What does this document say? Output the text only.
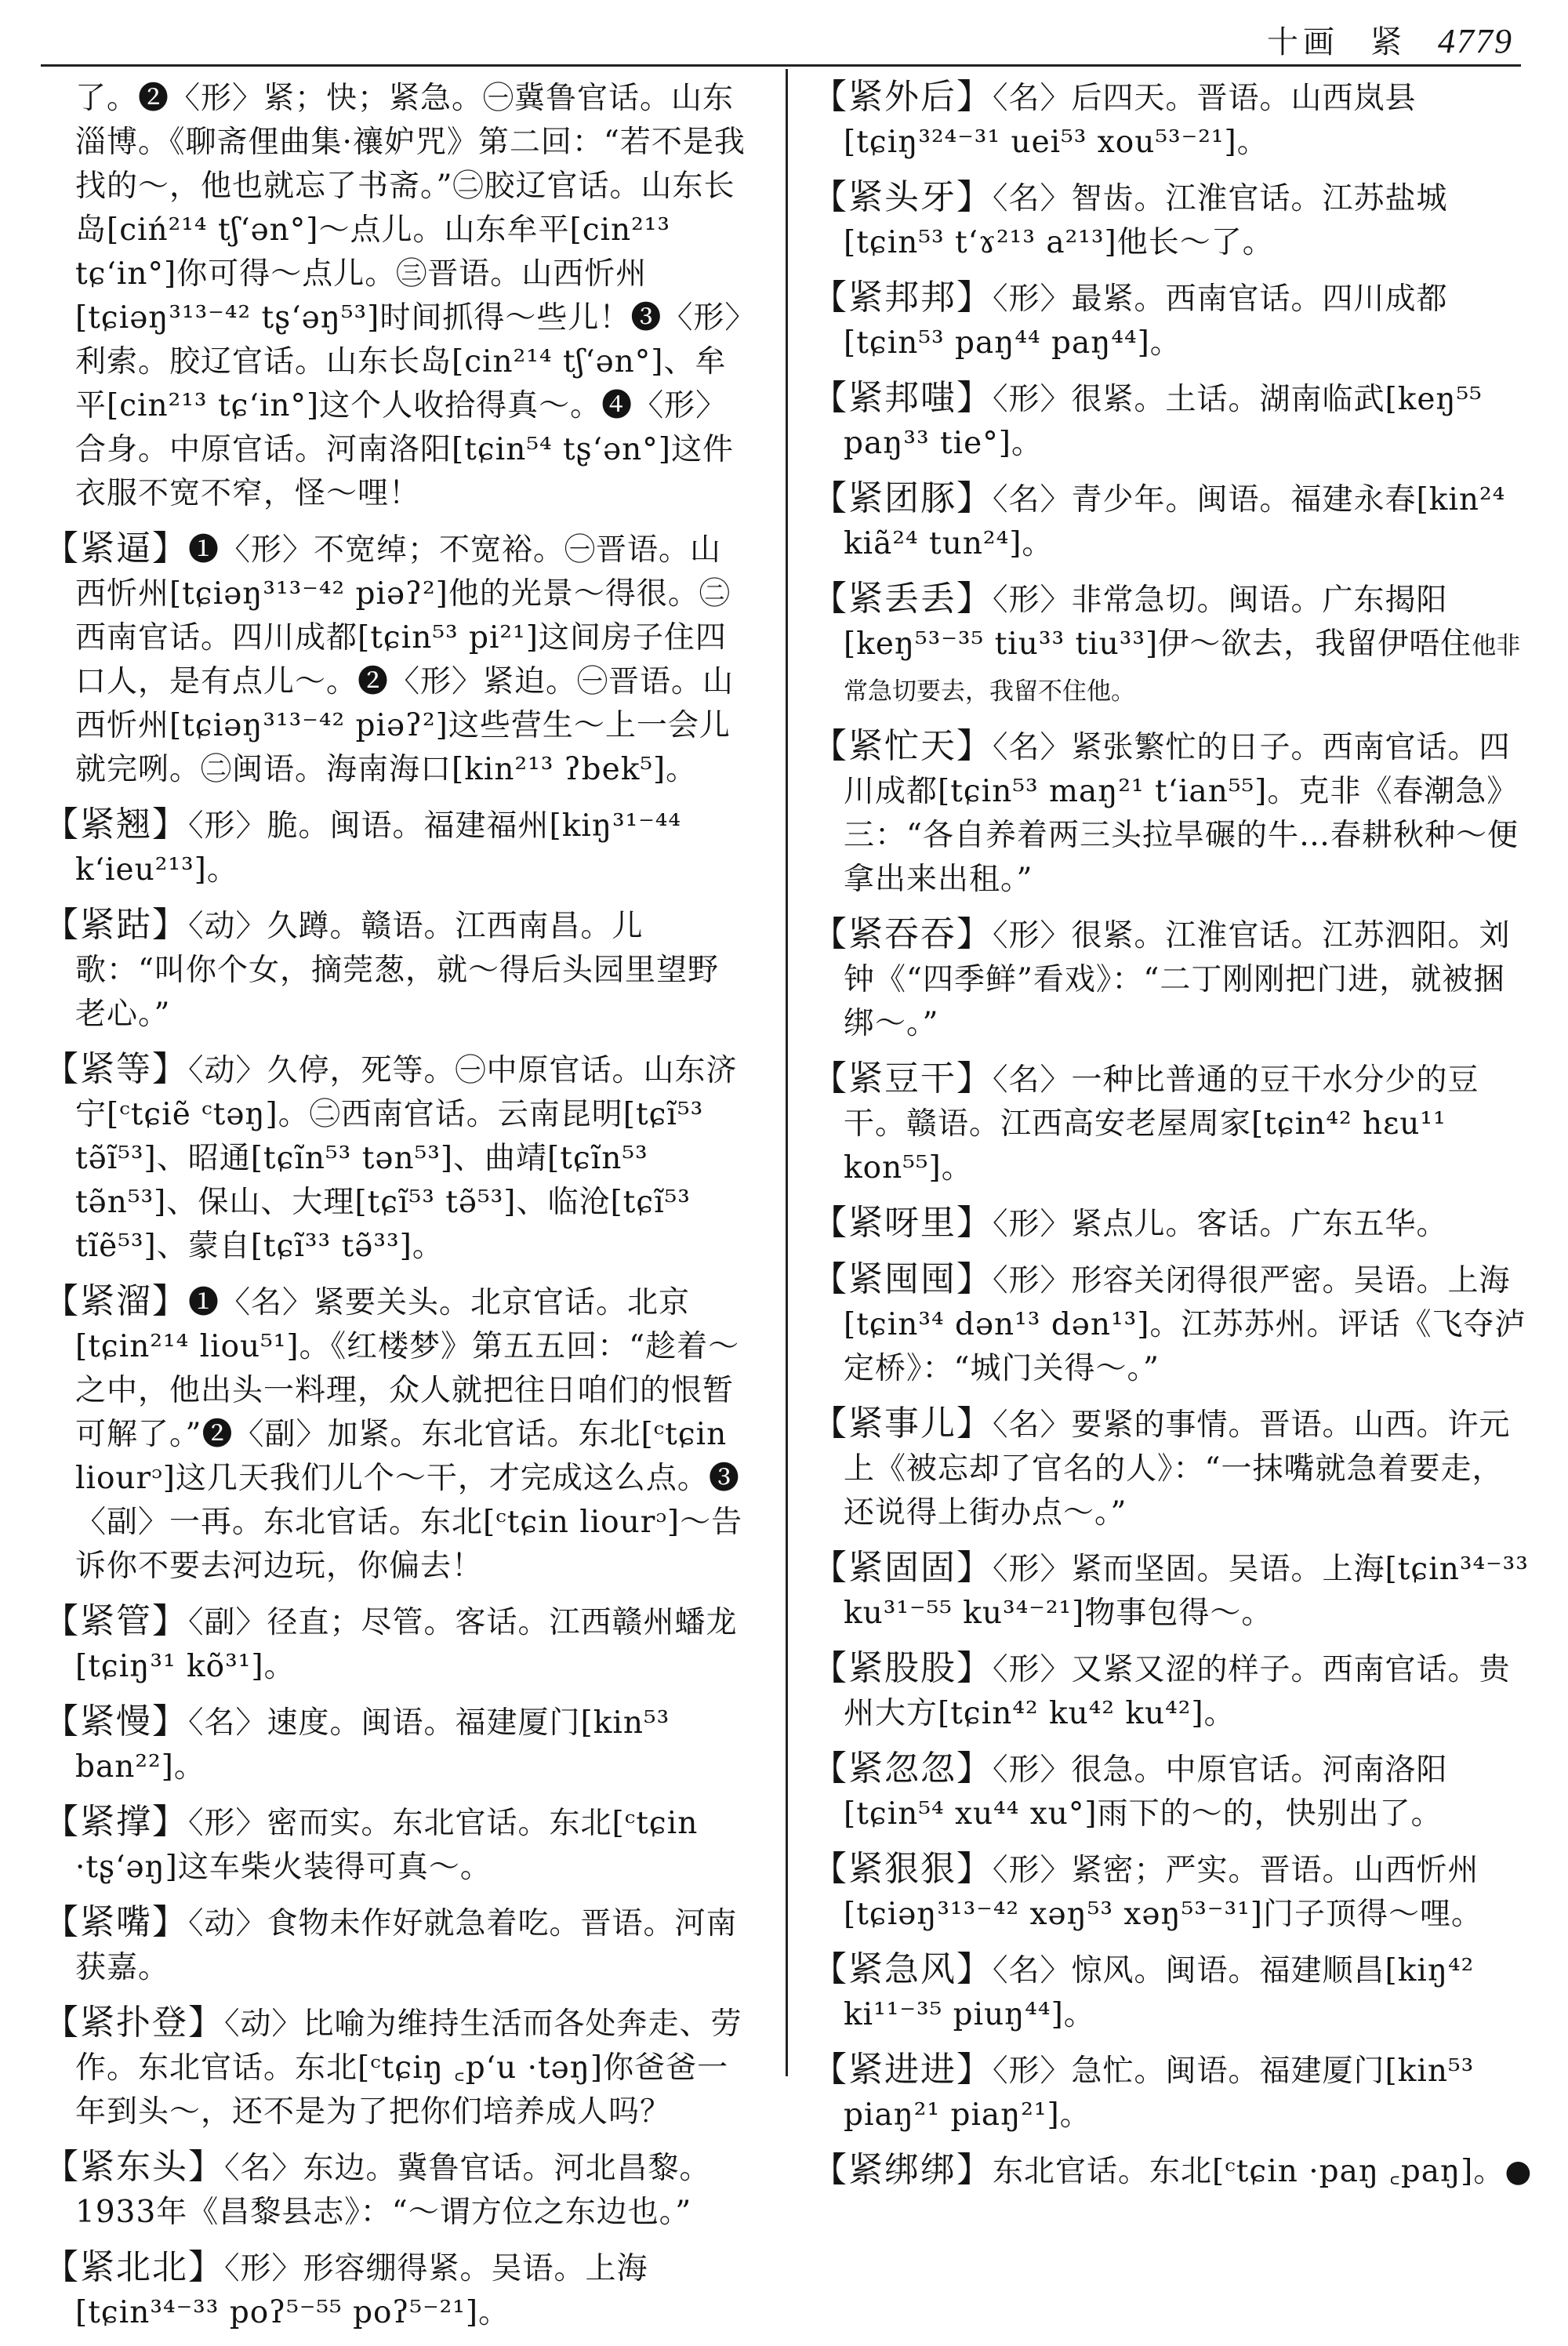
十画 紧 4779

了。❷〈形〉紧；快；紧急。㊀冀鲁官话。山东淄博。《聊斋俚曲集·禳妒咒》第二回：“若不是我找的～，他也就忘了书斋。”㊁胶辽官话。山东长岛[ciń²¹⁴ tʃ‘ən°]～点儿。山东牟平[cin²¹³ tɕ‘in°]你可得～点儿。㊂晋语。山西忻州[tɕiəŋ³¹³⁻⁴² tʂ‘əŋ⁵³]时间抓得～些儿！❸〈形〉利索。胶辽官话。山东长岛[cin²¹⁴ tʃ‘ən°]、牟平[cin²¹³ tɕ‘in°]这个人收拾得真～。❹〈形〉合身。中原官话。河南洛阳[tɕin⁵⁴ tʂ‘ən°]这件衣服不宽不窄，怪～哩！

【紧逼】❶〈形〉不宽绰；不宽裕。㊀晋语。山西忻州[tɕiəŋ³¹³⁻⁴² piəʔ²]他的光景～得很。㊁西南官话。四川成都[tɕin⁵³ pi²¹]这间房子住四口人，是有点儿～。❷〈形〉紧迫。㊀晋语。山西忻州[tɕiəŋ³¹³⁻⁴² piəʔ²]这些营生～上一会儿就完咧。㊁闽语。海南海口[kin²¹³ ʔbek⁵]。

【紧翘】〈形〉脆。闽语。福建福州[kiŋ³¹⁻⁴⁴ k‘ieu²¹³]。

【紧跍】〈动〉久蹲。赣语。江西南昌。儿歌：“叫你个女，摘莞葱，就～得后头园里望野老心。”

【紧等】〈动〉久停，死等。㊀中原官话。山东济宁[ᶜtɕiẽ ᶜtəŋ]。㊁西南官话。云南昆明[tɕĩ⁵³ tə̃ĩ⁵³]、昭通[tɕĩn⁵³ tən⁵³]、曲靖[tɕĩn⁵³ tə̃n⁵³]、保山、大理[tɕĩ⁵³ tə̃⁵³]、临沧[tɕĩ⁵³ tĩẽ⁵³]、蒙自[tɕĩ³³ tə̃³³]。

【紧溜】❶〈名〉紧要关头。北京官话。北京[tɕin²¹⁴ liou⁵¹]。《红楼梦》第五五回：“趁着～之中，他出头一料理，众人就把往日咱们的恨暂可解了。”❷〈副〉加紧。东北官话。东北[ᶜtɕin liourᵓ]这几天我们儿个～干，才完成这么点。❸〈副〉一再。东北官话。东北[ᶜtɕin liourᵓ]～告诉你不要去河边玩，你偏去！

【紧管】〈副〉径直；尽管。客话。江西赣州蟠龙[tɕiŋ³¹ kõ³¹]。

【紧慢】〈名〉速度。闽语。福建厦门[kin⁵³ ban²²]。

【紧撑】〈形〉密而实。东北官话。东北[ᶜtɕin ·tʂ‘əŋ]这车柴火装得可真～。

【紧嘴】〈动〉食物未作好就急着吃。晋语。河南获嘉。

【紧扑登】〈动〉比喻为维持生活而各处奔走、劳作。东北官话。东北[ᶜtɕiŋ ꜀p‘u ·təŋ]你爸爸一年到头～，还不是为了把你们培养成人吗？

【紧东头】〈名〉东边。冀鲁官话。河北昌黎。1933年《昌黎县志》：“～谓方位之东边也。”

【紧北北】〈形〉形容绷得紧。吴语。上海[tɕin³⁴⁻³³ poʔ⁵⁻⁵⁵ poʔ⁵⁻²¹]。

【紧外后】〈名〉后四天。晋语。山西岚县[tɕiŋ³²⁴⁻³¹ uei⁵³ xou⁵³⁻²¹]。

【紧头牙】〈名〉智齿。江淮官话。江苏盐城[tɕin⁵³ t‘ɤ²¹³ a²¹³]他长～了。

【紧邦邦】〈形〉最紧。西南官话。四川成都[tɕin⁵³ paŋ⁴⁴ paŋ⁴⁴]。

【紧邦嗤】〈形〉很紧。土话。湖南临武[keŋ⁵⁵ paŋ³³ tie°]。

【紧团豚】〈名〉青少年。闽语。福建永春[kin²⁴ kiã²⁴ tun²⁴]。

【紧丢丢】〈形〉非常急切。闽语。广东揭阳[keŋ⁵³⁻³⁵ tiu³³ tiu³³]伊～欲去，我留伊唔住他非常急切要去，我留不住他。

【紧忙天】〈名〉紧张繁忙的日子。西南官话。四川成都[tɕin⁵³ maŋ²¹ t‘ian⁵⁵]。克非《春潮急》三：“各自养着两三头拉旱碾的牛…春耕秋种～便拿出来出租。”

【紧吞吞】〈形〉很紧。江淮官话。江苏泗阳。刘钟《“四季鲜”看戏》：“二丁刚刚把门进，就被捆绑～。”

【紧豆干】〈名〉一种比普通的豆干水分少的豆干。赣语。江西高安老屋周家[tɕin⁴² hɛu¹¹ kon⁵⁵]。

【紧呀里】〈形〉紧点儿。客话。广东五华。

【紧囤囤】〈形〉形容关闭得很严密。吴语。上海[tɕin³⁴ dən¹³ dən¹³]。江苏苏州。评话《飞夺泸定桥》：“城门关得～。”

【紧事儿】〈名〉要紧的事情。晋语。山西。许元上《被忘却了官名的人》：“一抹嘴就急着要走，还说得上街办点～。”

【紧固固】〈形〉紧而坚固。吴语。上海[tɕin³⁴⁻³³ ku³¹⁻⁵⁵ ku³⁴⁻²¹]物事包得～。

【紧股股】〈形〉又紧又涩的样子。西南官话。贵州大方[tɕin⁴² ku⁴² ku⁴²]。

【紧忽忽】〈形〉很急。中原官话。河南洛阳[tɕin⁵⁴ xu⁴⁴ xu°]雨下的～的，快别出了。

【紧狠狠】〈形〉紧密；严实。晋语。山西忻州[tɕiəŋ³¹³⁻⁴² xəŋ⁵³ xəŋ⁵³⁻³¹]门子顶得～哩。

【紧急风】〈名〉惊风。闽语。福建顺昌[kiŋ⁴² ki¹¹⁻³⁵ piuŋ⁴⁴]。

【紧进进】〈形〉急忙。闽语。福建厦门[kin⁵³ piaŋ²¹ piaŋ²¹]。

【紧绑绑】东北官话。东北[ᶜtɕin ·paŋ ꜀paŋ]。●
